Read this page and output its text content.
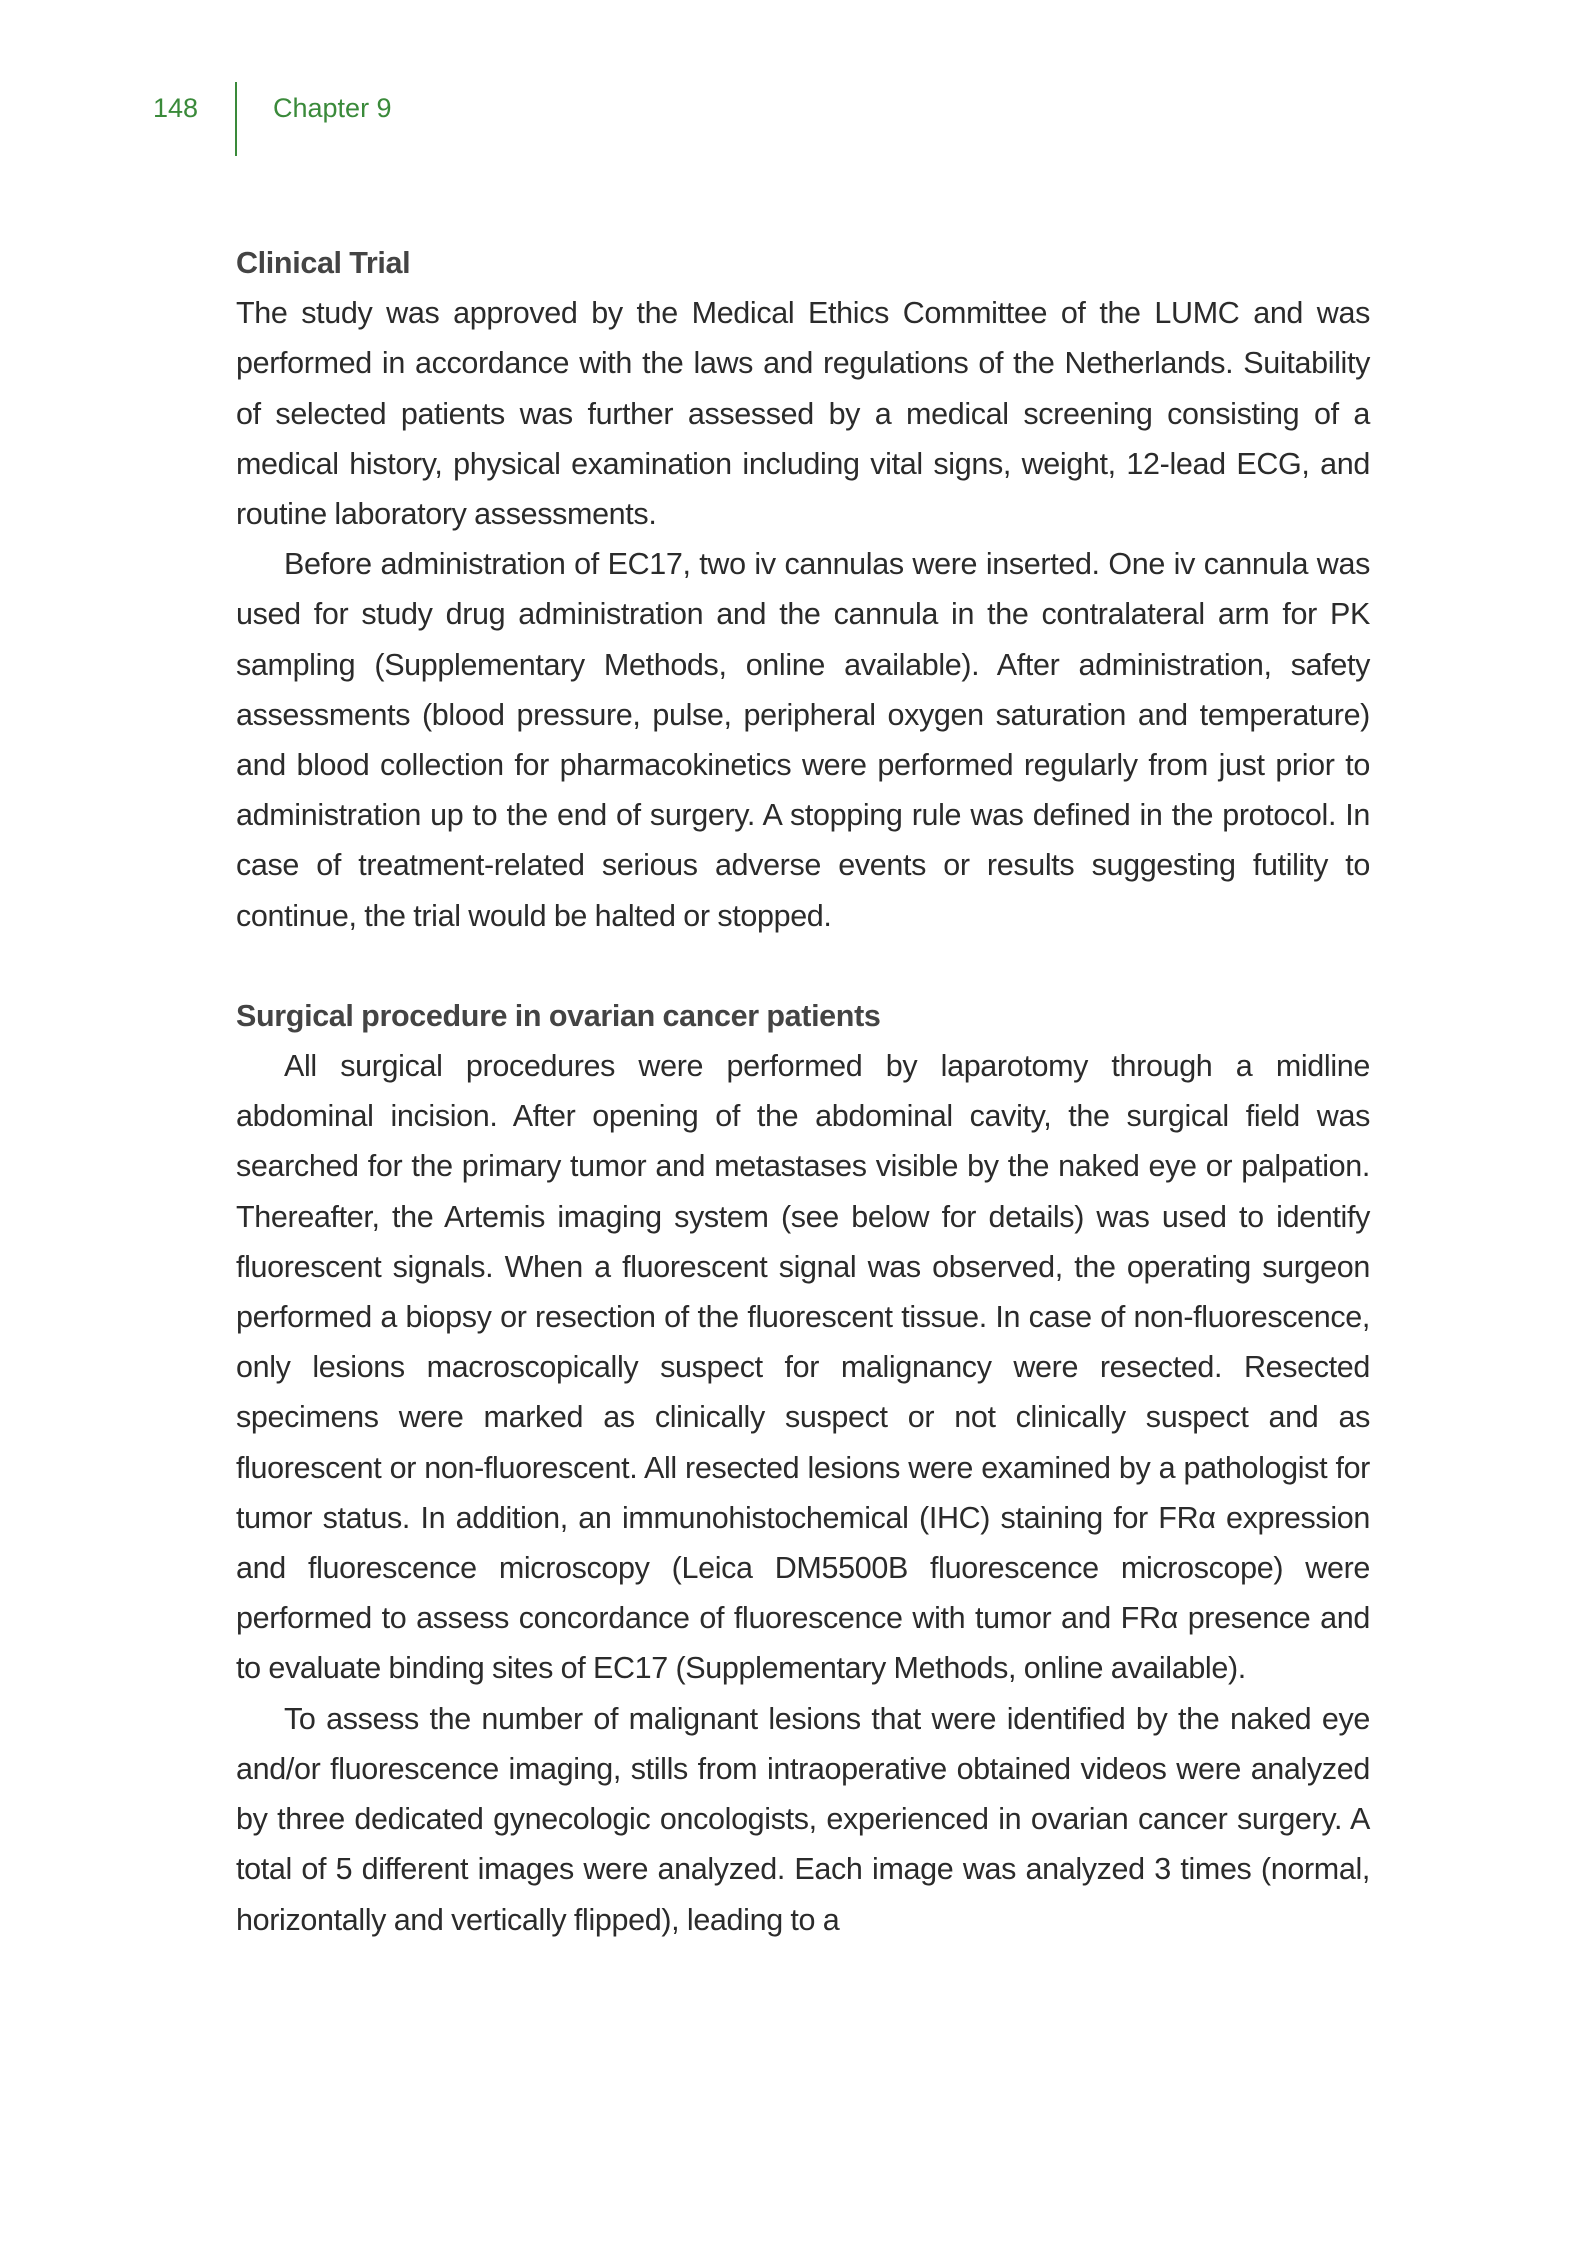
148	Chapter 9
Clinical Trial

The study was approved by the Medical Ethics Committee of the LUMC and was performed in accordance with the laws and regulations of the Netherlands. Suitability of selected patients was further assessed by a medical screening consisting of a medical history, physical examination including vital signs, weight, 12-lead ECG, and routine laboratory assessments.

Before administration of EC17, two iv cannulas were inserted. One iv cannula was used for study drug administration and the cannula in the contralateral arm for PK sampling (Supplementary Methods, online available). After administration, safety assessments (blood pressure, pulse, peripheral oxygen saturation and temperature) and blood collection for pharmacokinetics were performed regularly from just prior to administration up to the end of surgery. A stopping rule was defined in the protocol. In case of treatment-related serious adverse events or results suggesting futility to continue, the trial would be halted or stopped.

Surgical procedure in ovarian cancer patients

All surgical procedures were performed by laparotomy through a midline abdominal incision. After opening of the abdominal cavity, the surgical field was searched for the primary tumor and metastases visible by the naked eye or palpation. Thereafter, the Artemis imaging system (see below for details) was used to identify fluorescent signals. When a fluorescent signal was observed, the operating surgeon performed a biopsy or resection of the fluorescent tissue. In case of non-fluorescence, only lesions macroscopically suspect for malignancy were resected. Resected specimens were marked as clinically suspect or not clinically suspect and as fluorescent or non-fluorescent. All resected lesions were examined by a pathologist for tumor status. In addition, an immunohistochemical (IHC) staining for FRα expression and fluorescence microscopy (Leica DM5500B fluorescence microscope) were performed to assess concordance of fluorescence with tumor and FRα presence and to evaluate binding sites of EC17 (Supplementary Methods, online available).

To assess the number of malignant lesions that were identified by the naked eye and/or fluorescence imaging, stills from intraoperative obtained videos were analyzed by three dedicated gynecologic oncologists, experienced in ovarian cancer surgery. A total of 5 different images were analyzed. Each image was analyzed 3 times (normal, horizontally and vertically flipped), leading to a
